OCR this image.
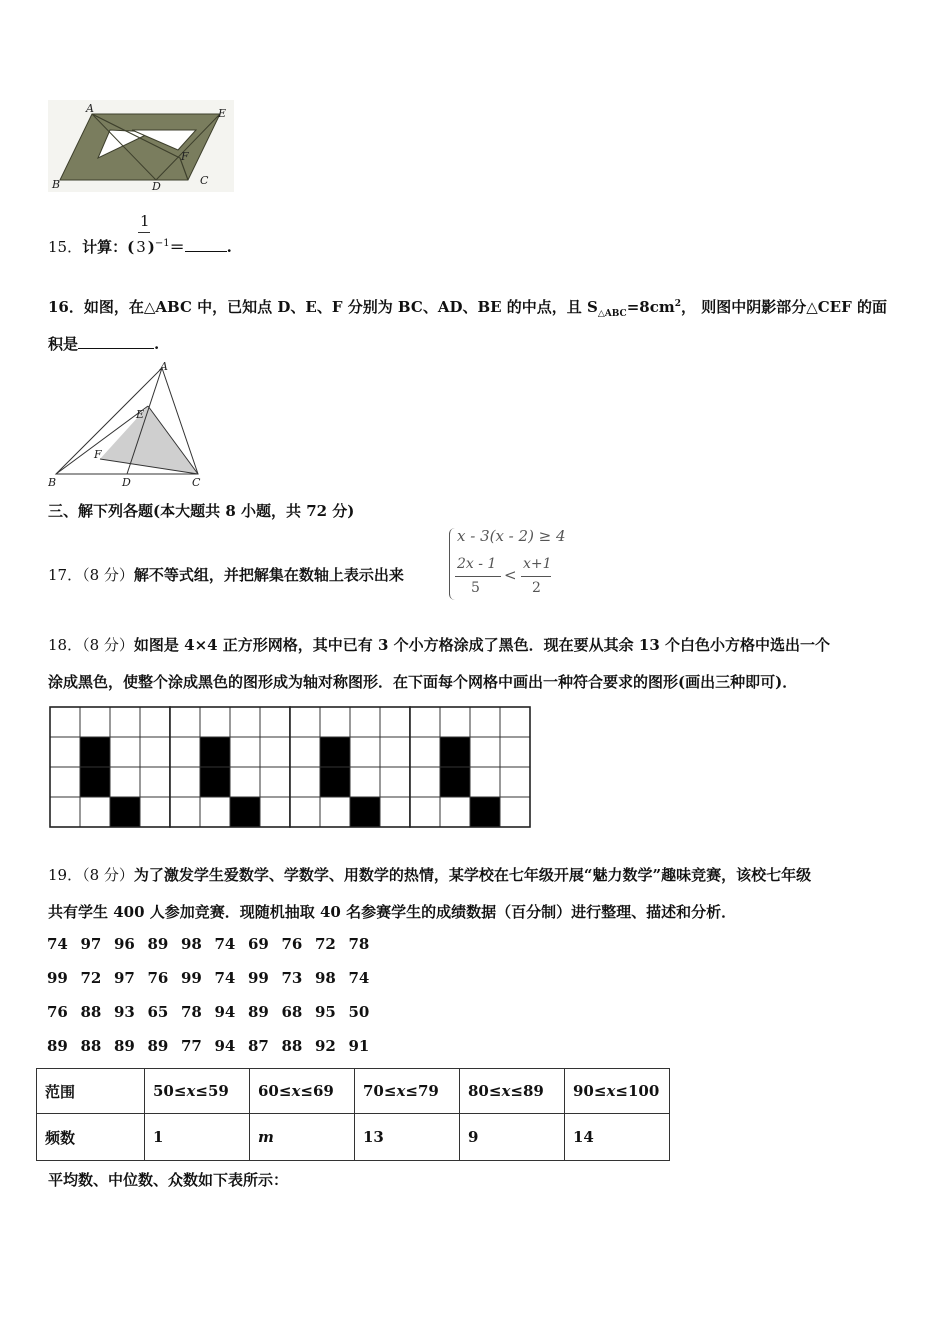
A	E
F
B	D	C
15．计算：(
1
3 )$^{-1}$＝	.
16．如图，在△ABC 中，已知点 D、E、F 分别为 BC、AD、BE 的中点，且 $S_{\triangle ABC}=8cm^2$， 则图中阴影部分△CEF 的面
积是	.
A
E
F
B	D	C
三、解下列各题(本大题共 8 小题，共 72 分)
17．（8 分）解不等式组，并把解集在数轴上表示出来
x - 3(x - 2) ≥ 4
2x - 1
5
<
x+1
2
18．（8 分）如图是 4×4 正方形网格，其中已有 3 个小方格涂成了黑色．现在要从其余 13 个白色小方格中选出一个
涂成黑色，使整个涂成黑色的图形成为轴对称图形．在下面每个网格中画出一种符合要求的图形(画出三种即可)．
19．（8 分）为了激发学生爱数学、学数学、用数学的热情，某学校在七年级开展“魅力数学”趣味竞赛，该校七年级
共有学生 400 人参加竞赛．现随机抽取 40 名参赛学生的成绩数据（百分制）进行整理、描述和分析．
74 97 96 89 98 74 69 76 72 78
99 72 97 76 99 74 99 73 98 74
76 88 93 65 78 94 89 68 95 50
89 88 89 89 77 94 87 88 92 91
范围	50≤x≤59	60≤x≤69	70≤x≤79	80≤x≤89	90≤x≤100
频数	1	m	13	9	14
平均数、中位数、众数如下表所示：
